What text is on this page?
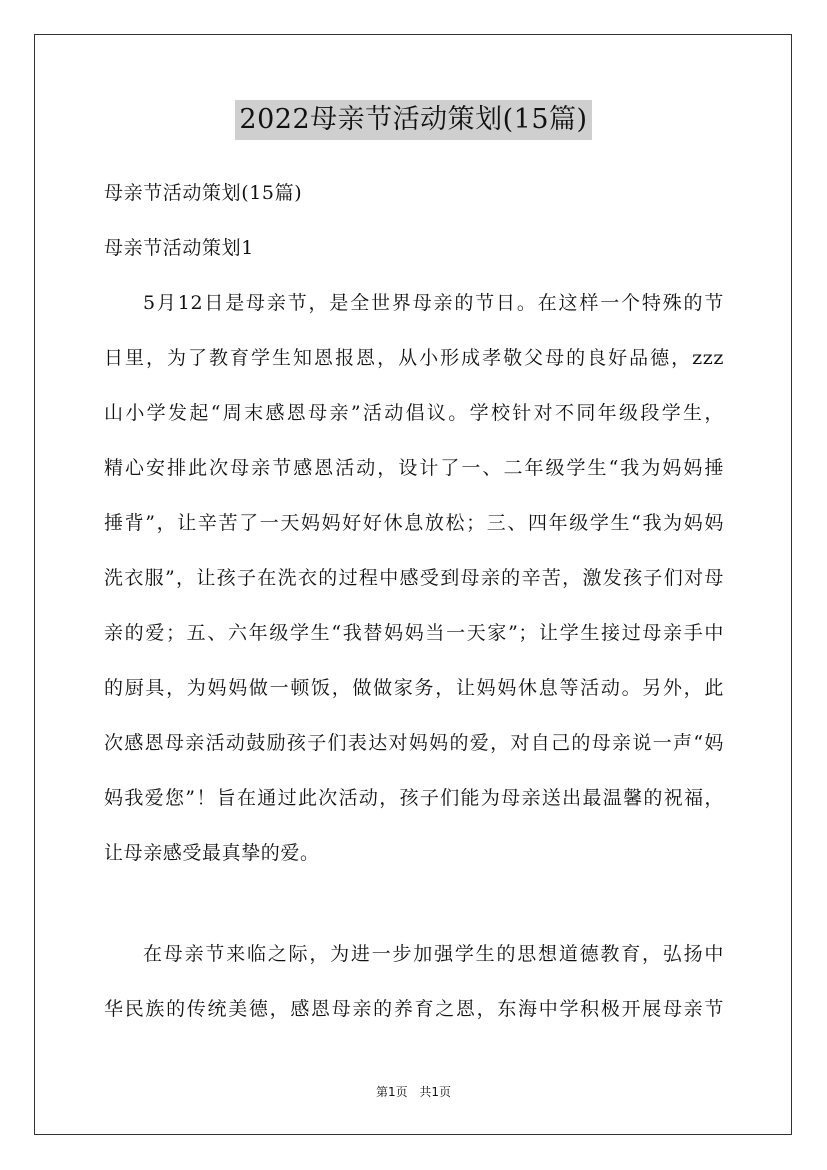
2022母亲节活动策划(15篇)
母亲节活动策划(15篇)
母亲节活动策划1
5月12日是母亲节，是全世界母亲的节日。在这样一个特殊的节
日里，为了教育学生知恩报恩，从小形成孝敬父母的良好品德，zzz
山小学发起“周末感恩母亲”活动倡议。学校针对不同年级段学生，
精心安排此次母亲节感恩活动，设计了一、二年级学生“我为妈妈捶
捶背”，让辛苦了一天妈妈好好休息放松；三、四年级学生“我为妈妈
洗衣服”，让孩子在洗衣的过程中感受到母亲的辛苦，激发孩子们对母
亲的爱；五、六年级学生“我替妈妈当一天家”；让学生接过母亲手中
的厨具，为妈妈做一顿饭，做做家务，让妈妈休息等活动。另外，此
次感恩母亲活动鼓励孩子们表达对妈妈的爱，对自己的母亲说一声“妈
妈我爱您”！旨在通过此次活动，孩子们能为母亲送出最温馨的祝福，
让母亲感受最真挚的爱。
在母亲节来临之际，为进一步加强学生的思想道德教育，弘扬中
华民族的传统美德，感恩母亲的养育之恩，东海中学积极开展母亲节
第1页 共1页
